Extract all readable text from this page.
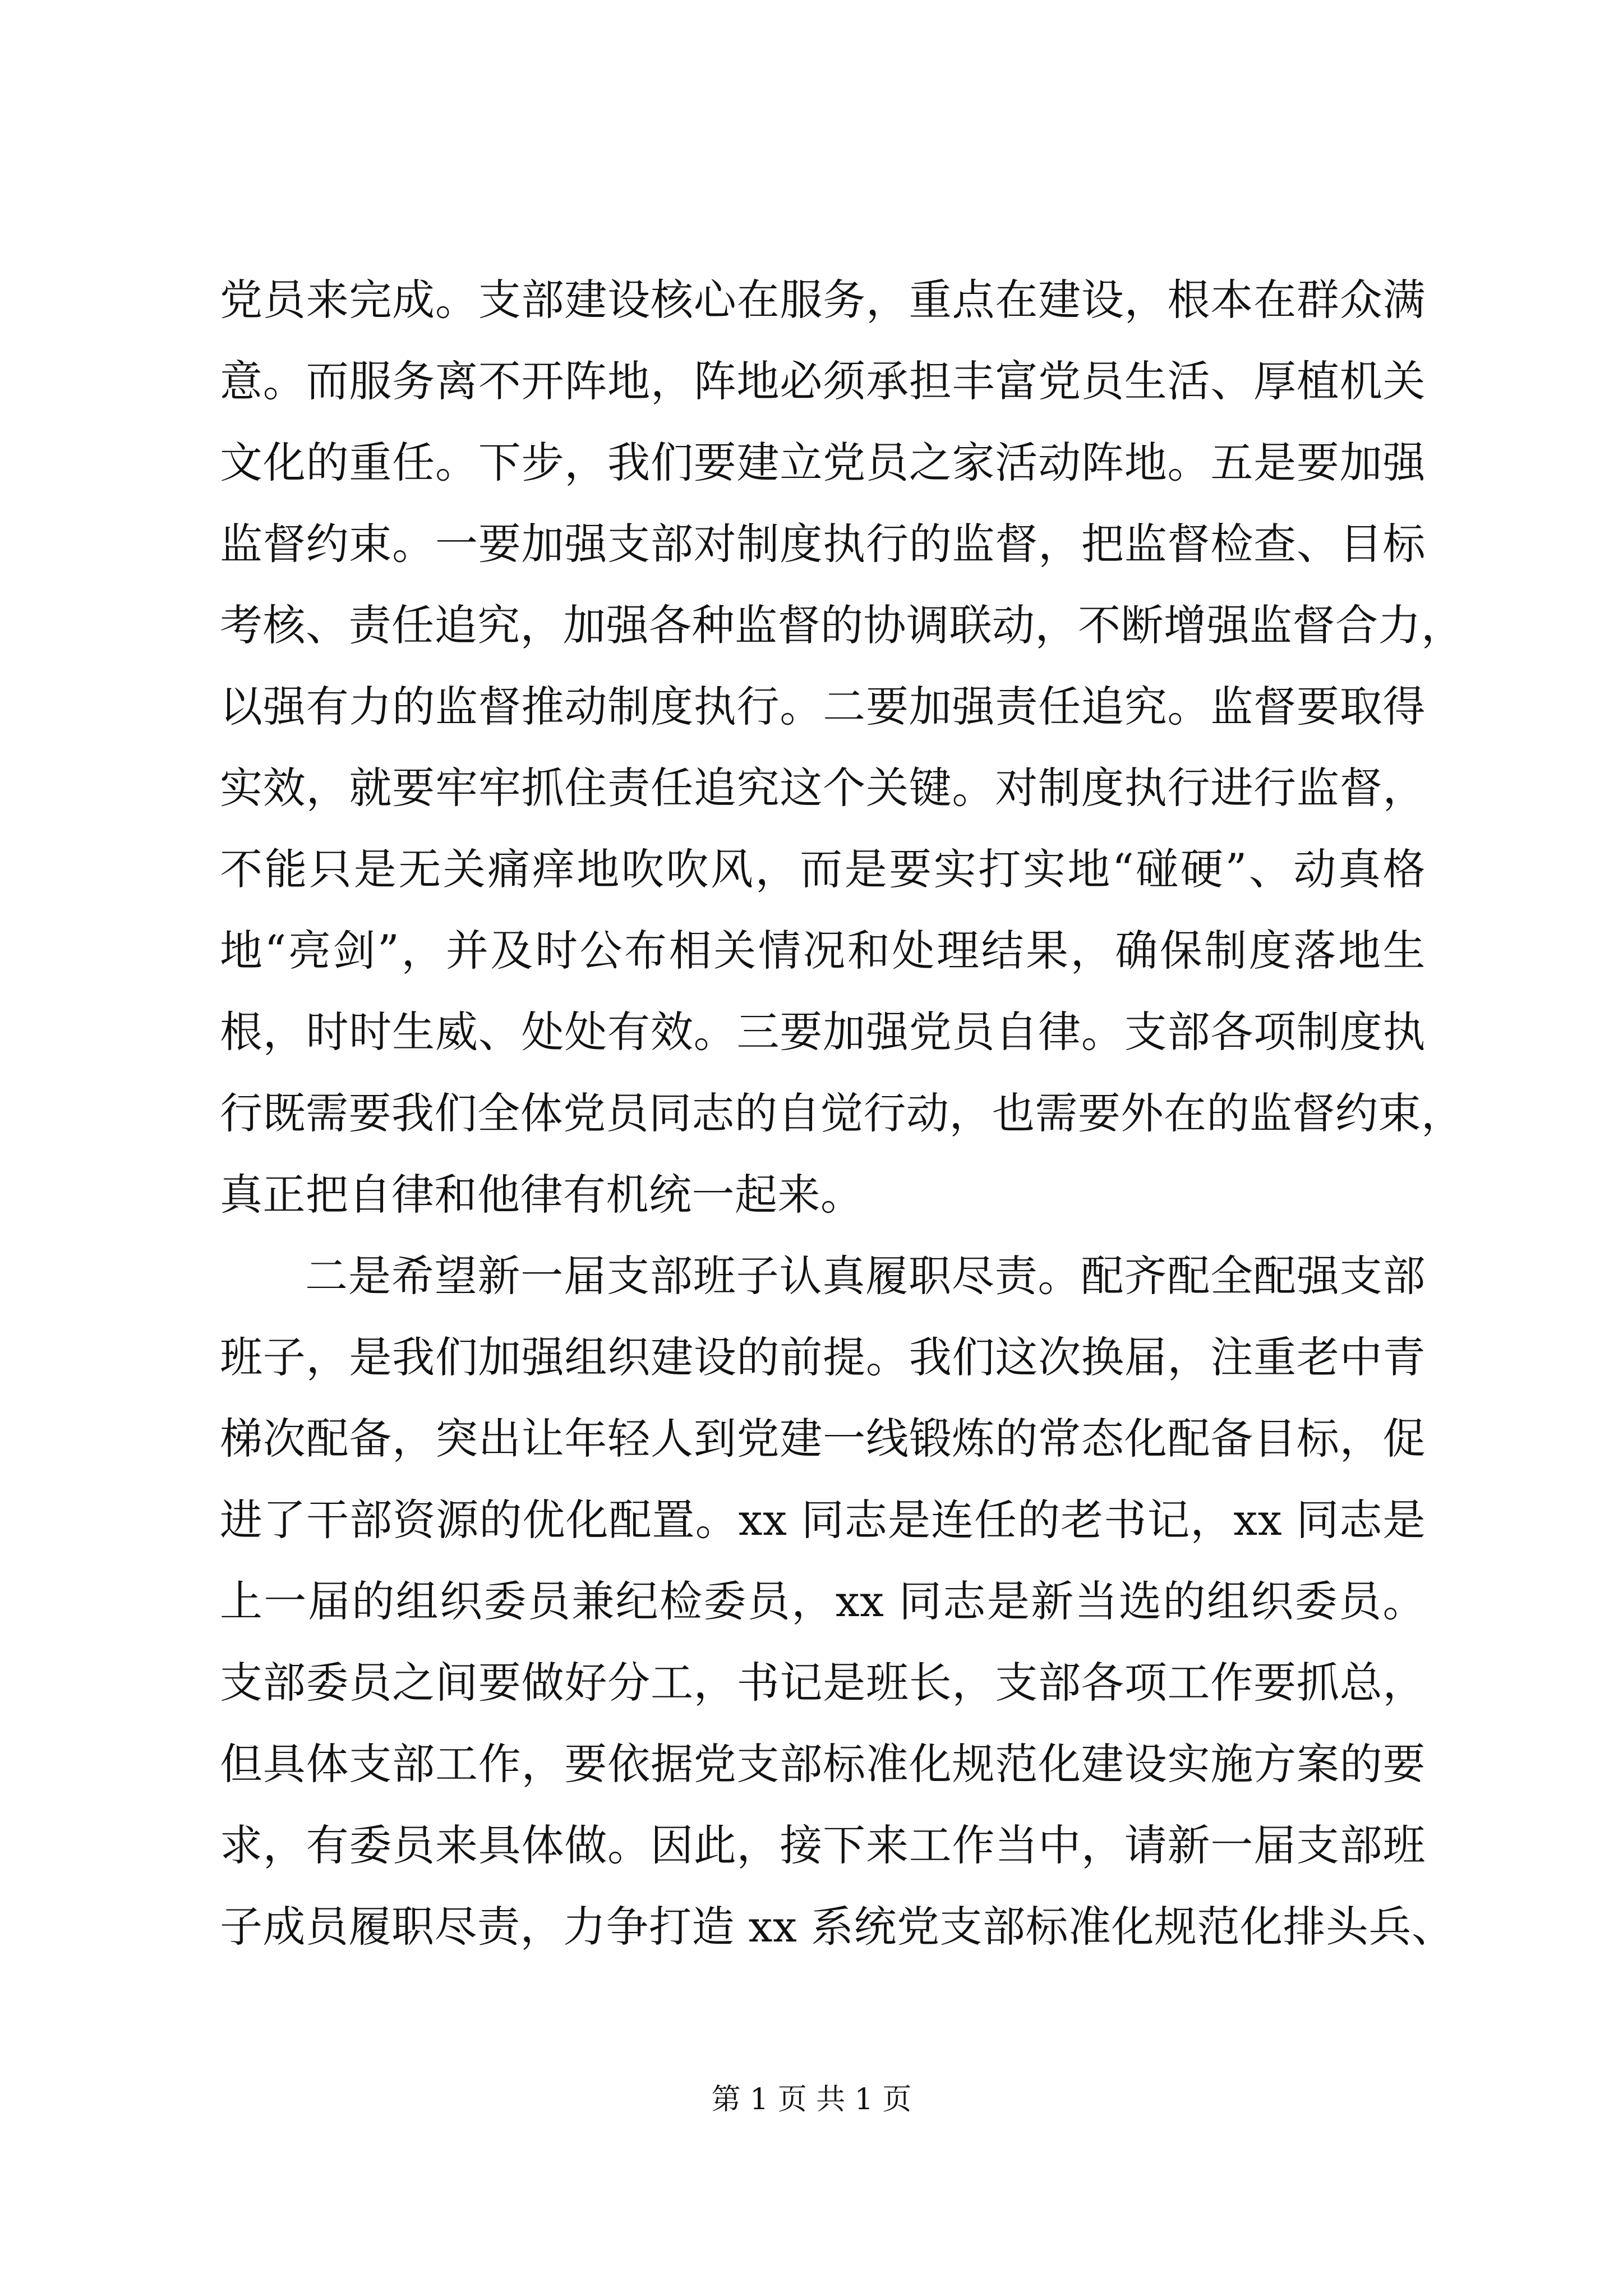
党员来完成。支部建设核心在服务，重点在建设，根本在群众满
意。而服务离不开阵地，阵地必须承担丰富党员生活、厚植机关
文化的重任。下步，我们要建立党员之家活动阵地。五是要加强
监督约束。一要加强支部对制度执行的监督，把监督检查、目标
考核、责任追究，加强各种监督的协调联动，不断增强监督合力，
以强有力的监督推动制度执行。二要加强责任追究。监督要取得
实效，就要牢牢抓住责任追究这个关键。对制度执行进行监督，
不能只是无关痛痒地吹吹风，而是要实打实地“碰硬”、动真格
地“亮剑”，并及时公布相关情况和处理结果，确保制度落地生
根，时时生威、处处有效。三要加强党员自律。支部各项制度执
行既需要我们全体党员同志的自觉行动，也需要外在的监督约束，
真正把自律和他律有机统一起来。
二是希望新一届支部班子认真履职尽责。配齐配全配强支部
班子，是我们加强组织建设的前提。我们这次换届，注重老中青
梯次配备，突出让年轻人到党建一线锻炼的常态化配备目标，促
进了干部资源的优化配置。xx 同志是连任的老书记，xx 同志是
上一届的组织委员兼纪检委员，xx 同志是新当选的组织委员。
支部委员之间要做好分工，书记是班长，支部各项工作要抓总，
但具体支部工作，要依据党支部标准化规范化建设实施方案的要
求，有委员来具体做。因此，接下来工作当中，请新一届支部班
子成员履职尽责，力争打造 xx 系统党支部标准化规范化排头兵、
第 1 页 共 1 页
